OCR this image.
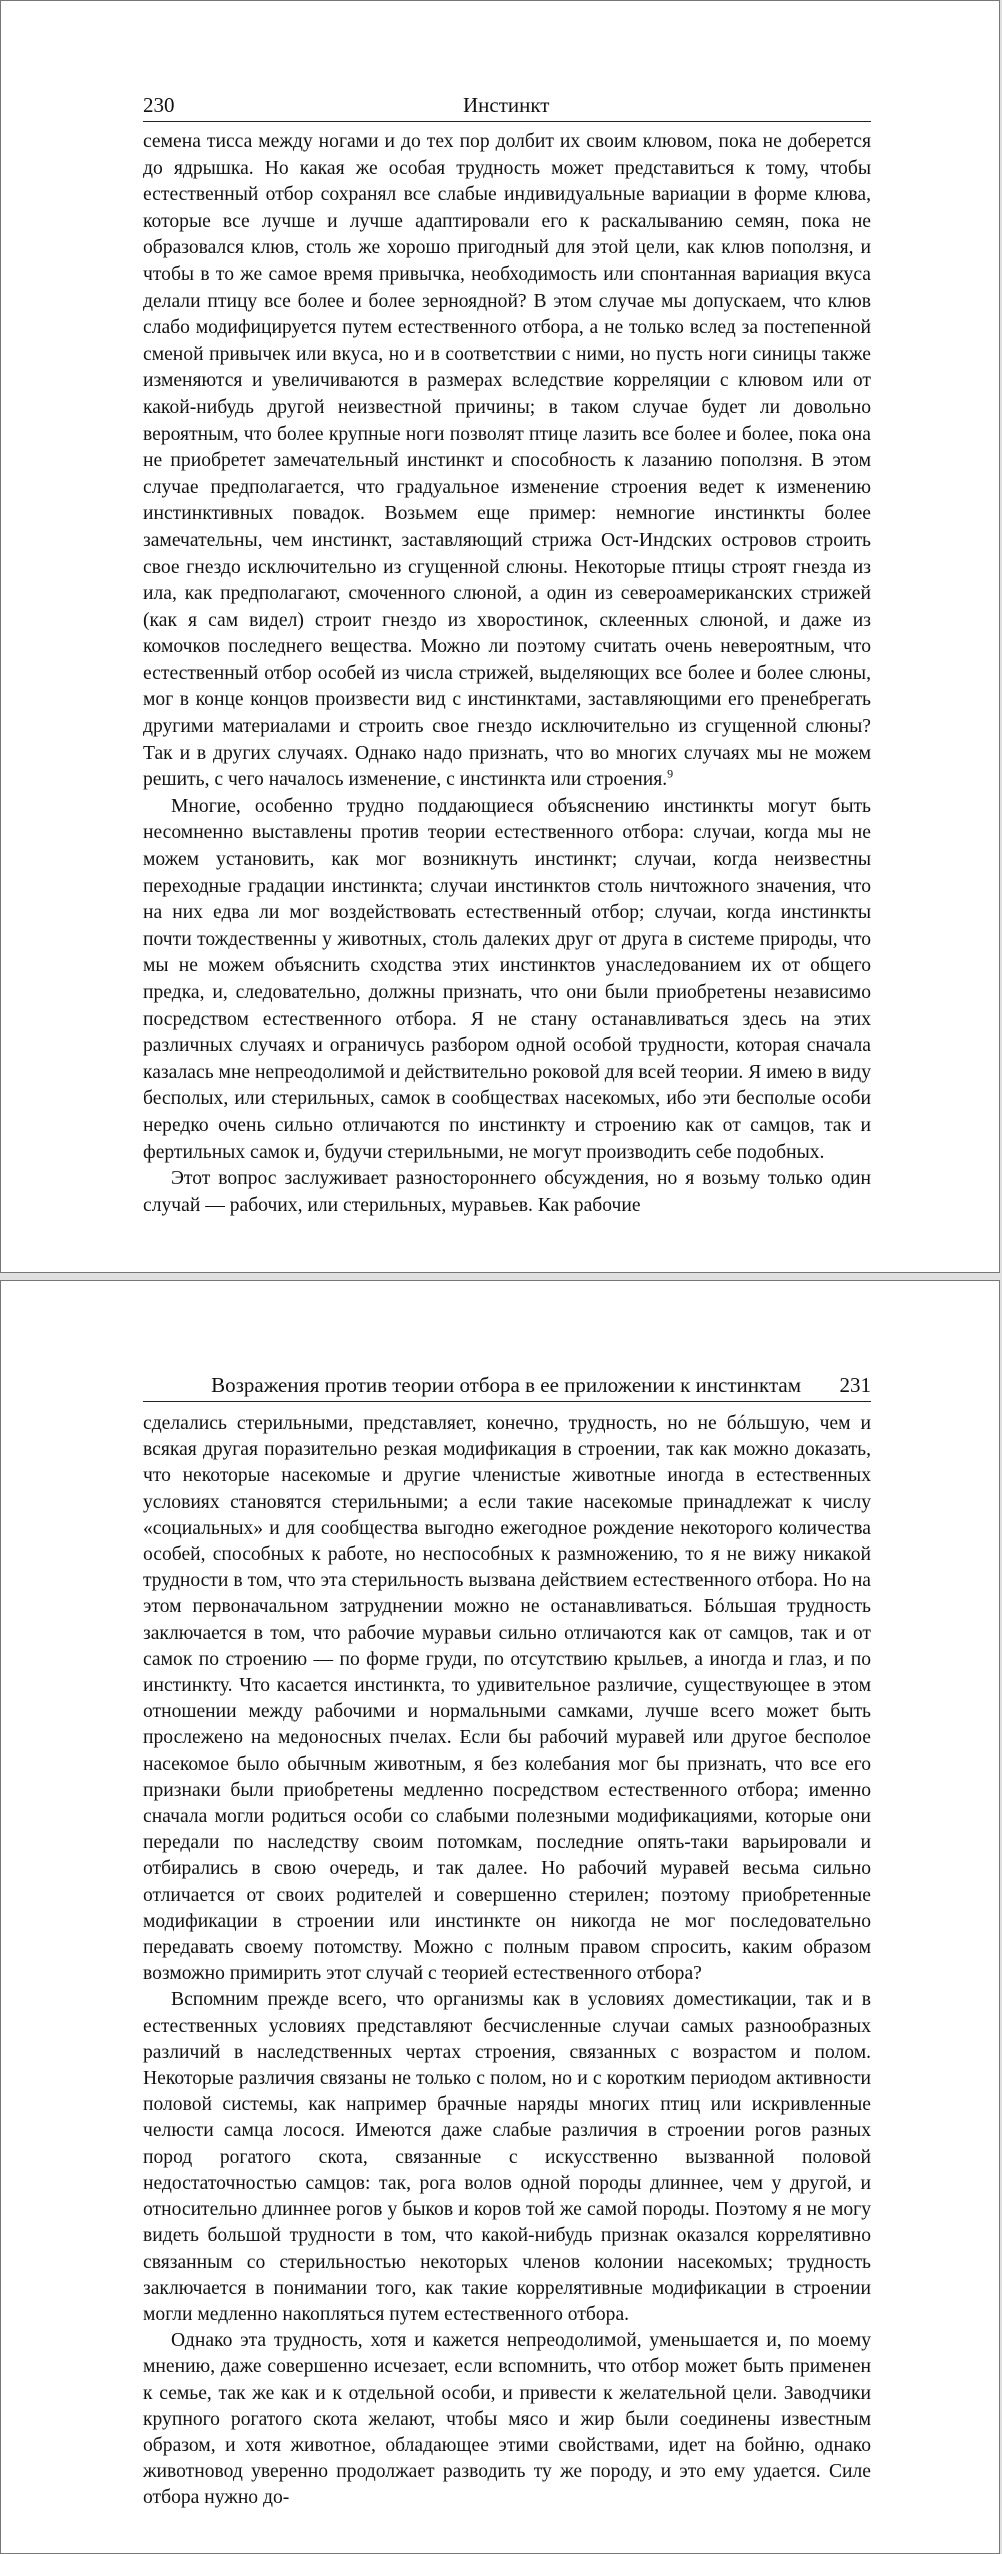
230	Инстинкт

семена тисса между ногами и до тех пор долбит их своим клювом, пока не доберется до ядрышка. Но какая же особая трудность может представиться к тому, чтобы естественный отбор сохранял все слабые индивидуальные вариации в форме клюва, которые все лучше и лучше адаптировали его к раскалыванию семян, пока не образовался клюв, столь же хорошо пригодный для этой цели, как клюв поползня, и чтобы в то же самое время привычка, необходимость или спонтанная вариация вкуса делали птицу все более и более зерноядной? В этом случае мы допускаем, что клюв слабо модифицируется путем естественного отбора, а не только вслед за постепенной сменой привычек или вкуса, но и в соответствии с ними, но пусть ноги синицы также изменяются и увеличиваются в размерах вследствие корреляции с клювом или от какой-нибудь другой неизвестной причины; в таком случае будет ли довольно вероятным, что более крупные ноги позволят птице лазить все более и более, пока она не приобретет замечательный инстинкт и способность к лазанию поползня. В этом случае предполагается, что градуальное изменение строения ведет к изменению инстинктивных повадок. Возьмем еще пример: немногие инстинкты более замечательны, чем инстинкт, заставляющий стрижа Ост-Индских островов строить свое гнездо исключительно из сгущенной слюны. Некоторые птицы строят гнезда из ила, как предполагают, смоченного слюной, а один из североамериканских стрижей (как я сам видел) строит гнездо из хворостинок, склеенных слюной, и даже из комочков последнего вещества. Можно ли поэтому считать очень невероятным, что естественный отбор особей из числа стрижей, выделяющих все более и более слюны, мог в конце концов произвести вид с инстинктами, заставляющими его пренебрегать другими материалами и строить свое гнездо исключительно из сгущенной слюны? Так и в других случаях. Однако надо признать, что во многих случаях мы не можем решить, с чего началось изменение, с инстинкта или строения.$^9$

Многие, особенно трудно поддающиеся объяснению инстинкты могут быть несомненно выставлены против теории естественного отбора: случаи, когда мы не можем установить, как мог возникнуть инстинкт; случаи, когда неизвестны переходные градации инстинкта; случаи инстинктов столь ничтожного значения, что на них едва ли мог воздействовать естественный отбор; случаи, когда инстинкты почти тождественны у животных, столь далеких друг от друга в системе природы, что мы не можем объяснить сходства этих инстинктов унаследованием их от общего предка, и, следовательно, должны признать, что они были приобретены независимо посредством естественного отбора. Я не стану останавливаться здесь на этих различных случаях и ограничусь разбором одной особой трудности, которая сначала казалась мне непреодолимой и действительно роковой для всей теории. Я имею в виду бесполых, или стерильных, самок в сообществах насекомых, ибо эти бесполые особи нередко очень сильно отличаются по инстинкту и строению как от самцов, так и фертильных самок и, будучи стерильными, не могут производить себе подобных.

Этот вопрос заслуживает разностороннего обсуждения, но я возьму только один случай — рабочих, или стерильных, муравьев. Как рабочие

Возражения против теории отбора в ее приложении к инстинктам 231

сделались стерильными, представляет, конечно, трудность, но не бóльшую, чем и всякая другая поразительно резкая модификация в строении, так как можно доказать, что некоторые насекомые и другие членистые животные иногда в естественных условиях становятся стерильными; а если такие насекомые принадлежат к числу «социальных» и для сообщества выгодно ежегодное рождение некоторого количества особей, способных к работе, но неспособных к размножению, то я не вижу никакой трудности в том, что эта стерильность вызвана действием естественного отбора. Но на этом первоначальном затруднении можно не останавливаться. Бóльшая трудность заключается в том, что рабочие муравьи сильно отличаются как от самцов, так и от самок по строению — по форме груди, по отсутствию крыльев, а иногда и глаз, и по инстинкту. Что касается инстинкта, то удивительное различие, существующее в этом отношении между рабочими и нормальными самками, лучше всего может быть прослежено на медоносных пчелах. Если бы рабочий муравей или другое бесполое насекомое было обычным животным, я без колебания мог бы признать, что все его признаки были приобретены медленно посредством естественного отбора; именно сначала могли родиться особи со слабыми полезными модификациями, которые они передали по наследству своим потомкам, последние опять-таки варьировали и отбирались в свою очередь, и так далее. Но рабочий муравей весьма сильно отличается от своих родителей и совершенно стерилен; поэтому приобретенные модификации в строении или инстинкте он никогда не мог последовательно передавать своему потомству. Можно с полным правом спросить, каким образом возможно примирить этот случай с теорией естественного отбора?

Вспомним прежде всего, что организмы как в условиях доместикации, так и в естественных условиях представляют бесчисленные случаи самых разнообразных различий в наследственных чертах строения, связанных с возрастом и полом. Некоторые различия связаны не только с полом, но и с коротким периодом активности половой системы, как например брачные наряды многих птиц или искривленные челюсти самца лосося. Имеются даже слабые различия в строении рогов разных пород рогатого скота, связанные с искусственно вызванной половой недостаточностью самцов: так, рога волов одной породы длиннее, чем у другой, и относительно длиннее рогов у быков и коров той же самой породы. Поэтому я не могу видеть большой трудности в том, что какой-нибудь признак оказался коррелятивно связанным со стерильностью некоторых членов колонии насекомых; трудность заключается в понимании того, как такие коррелятивные модификации в строении могли медленно накопляться путем естественного отбора.

Однако эта трудность, хотя и кажется непреодолимой, уменьшается и, по моему мнению, даже совершенно исчезает, если вспомнить, что отбор может быть применен к семье, так же как и к отдельной особи, и привести к желательной цели. Заводчики крупного рогатого скота желают, чтобы мясо и жир были соединены известным образом, и хотя животное, обладающее этими свойствами, идет на бойню, однако животновод уверенно продолжает разводить ту же породу, и это ему удается. Силе отбора нужно до-
